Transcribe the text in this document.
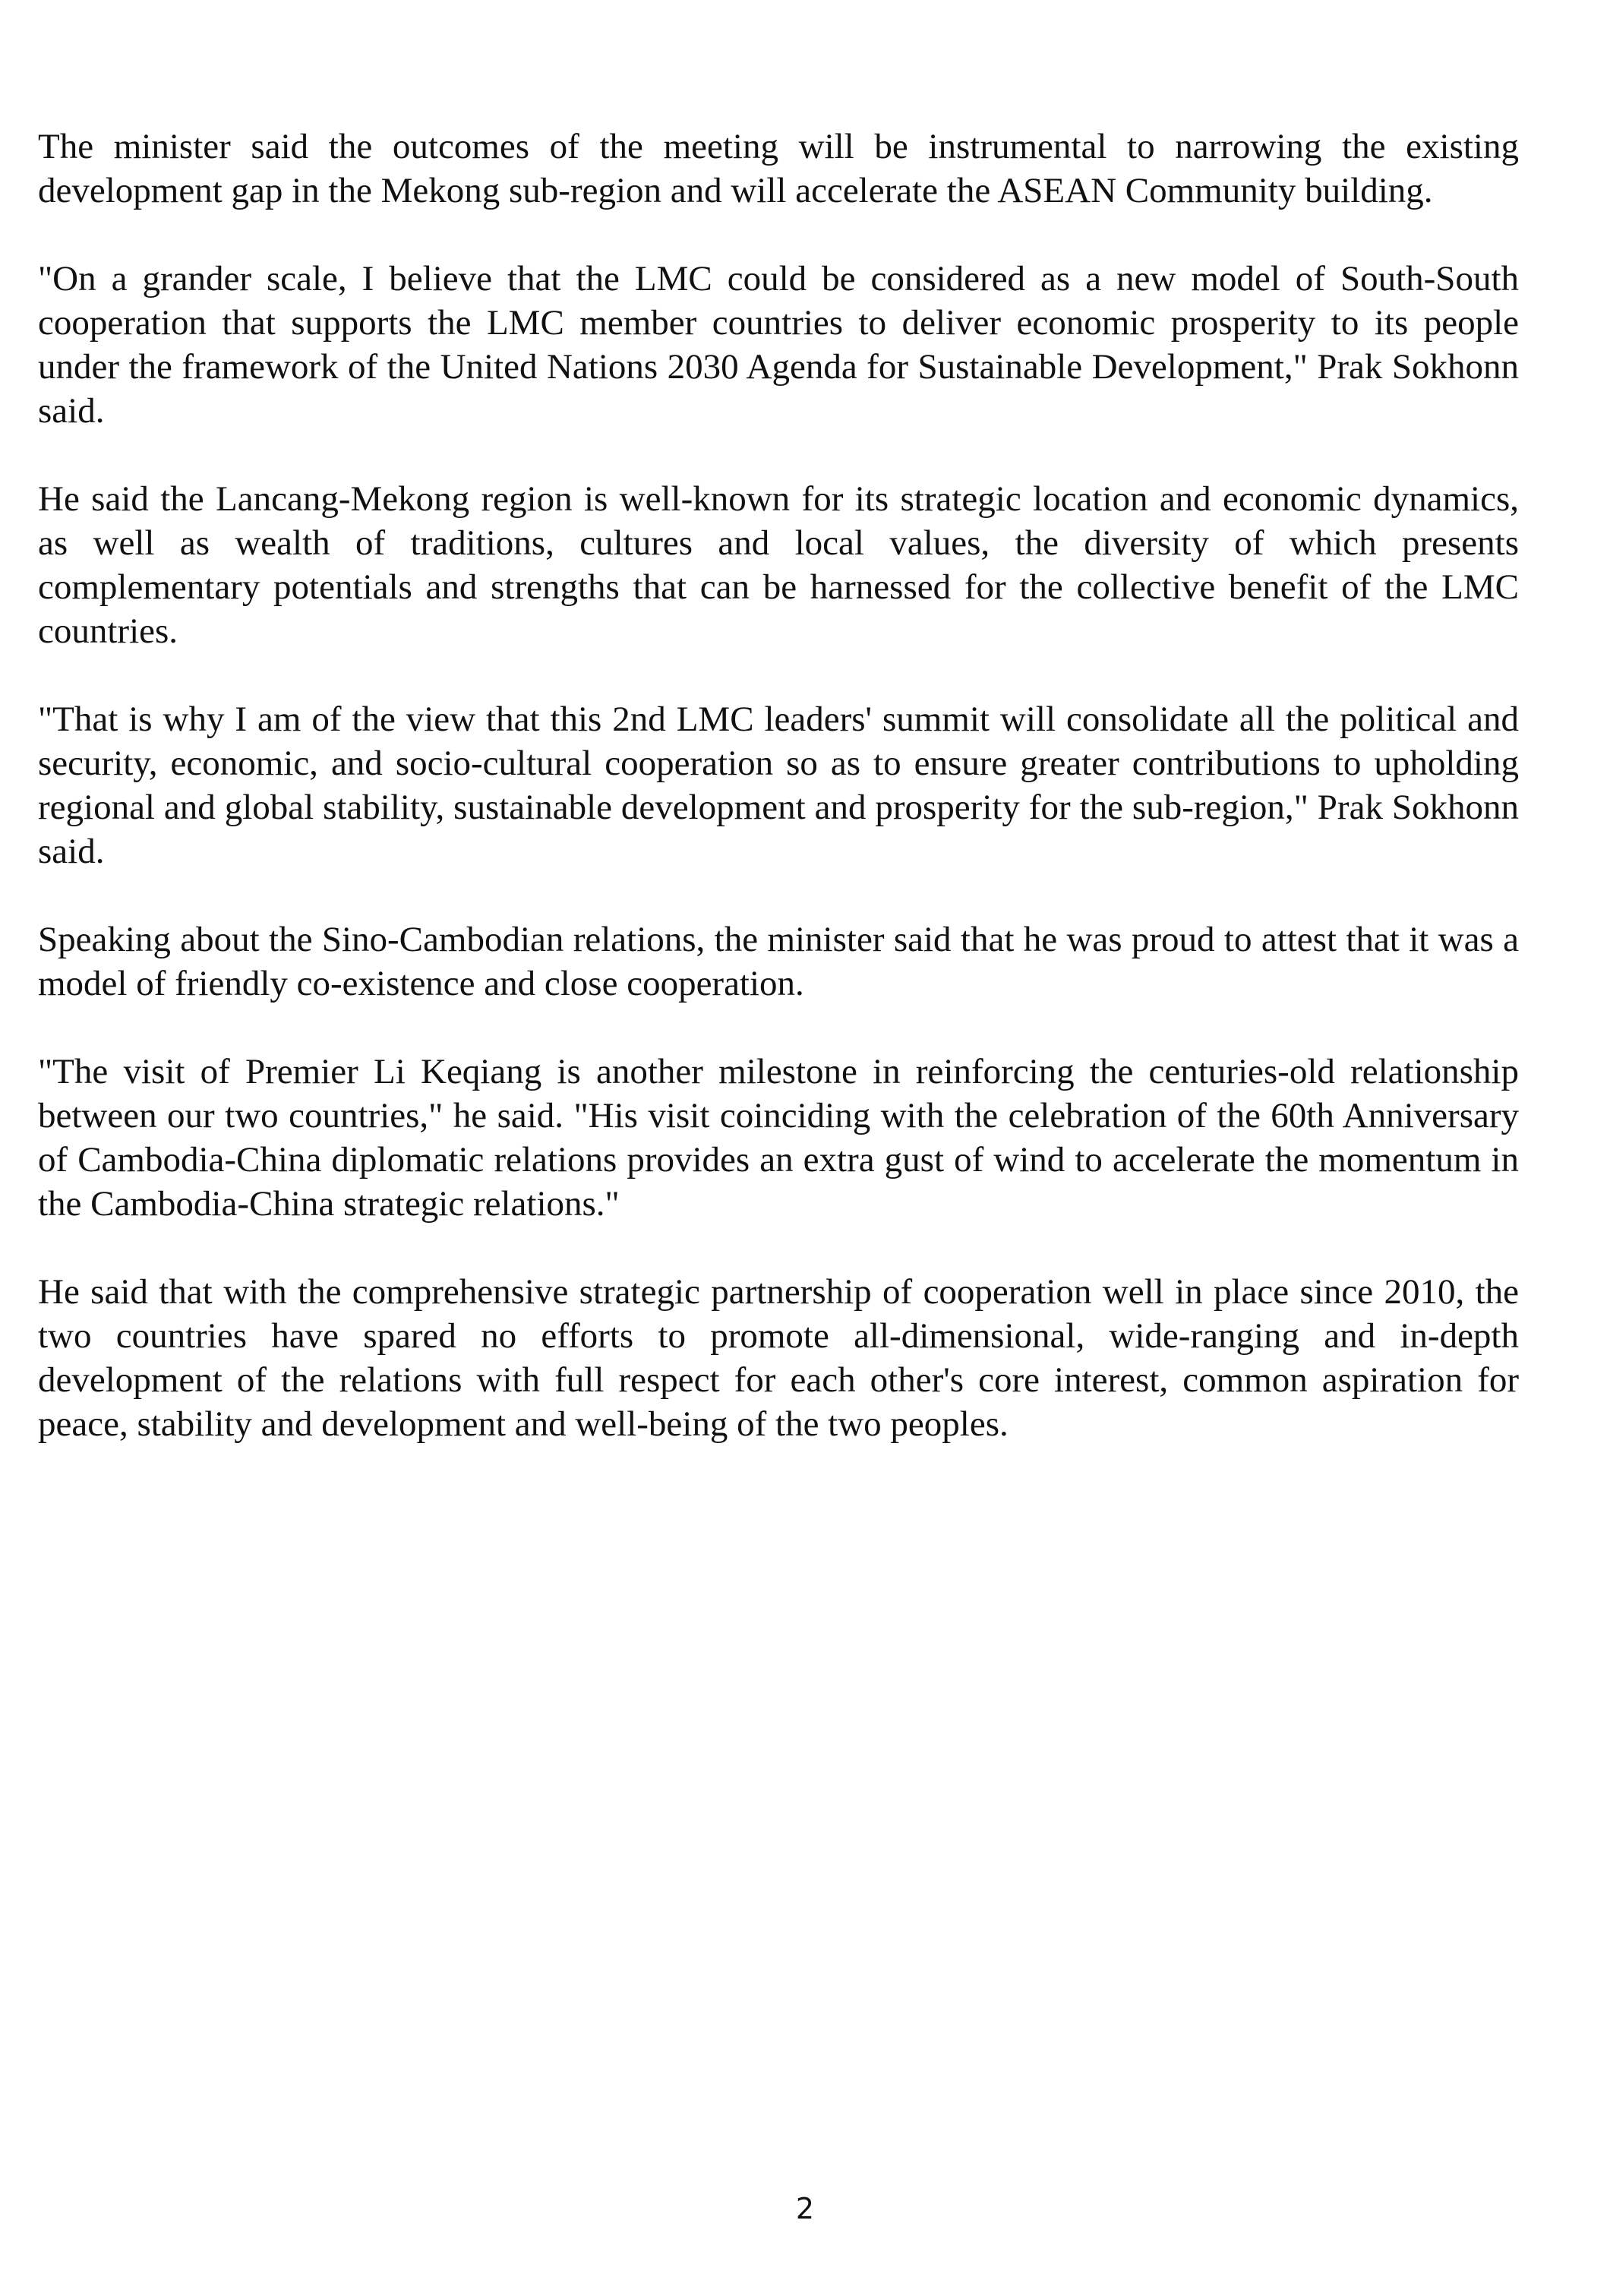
The minister said the outcomes of the meeting will be instrumental to narrowing the existing development gap in the Mekong sub-region and will accelerate the ASEAN Community building.

"On a grander scale, I believe that the LMC could be considered as a new model of South-South cooperation that supports the LMC member countries to deliver economic prosperity to its people under the framework of the United Nations 2030 Agenda for Sustainable Development," Prak Sokhonn said.

He said the Lancang-Mekong region is well-known for its strategic location and economic dynamics, as well as wealth of traditions, cultures and local values, the diversity of which presents complementary potentials and strengths that can be harnessed for the collective benefit of the LMC countries.

"That is why I am of the view that this 2nd LMC leaders' summit will consolidate all the political and security, economic, and socio-cultural cooperation so as to ensure greater contributions to upholding regional and global stability, sustainable development and prosperity for the sub-region," Prak Sokhonn said.

Speaking about the Sino-Cambodian relations, the minister said that he was proud to attest that it was a model of friendly co-existence and close cooperation.

"The visit of Premier Li Keqiang is another milestone in reinforcing the centuries-old relationship between our two countries," he said. "His visit coinciding with the celebration of the 60th Anniversary of Cambodia-China diplomatic relations provides an extra gust of wind to accelerate the momentum in the Cambodia-China strategic relations."

He said that with the comprehensive strategic partnership of cooperation well in place since 2010, the two countries have spared no efforts to promote all-dimensional, wide-ranging and in-depth development of the relations with full respect for each other's core interest, common aspiration for peace, stability and development and well-being of the two peoples.

2
